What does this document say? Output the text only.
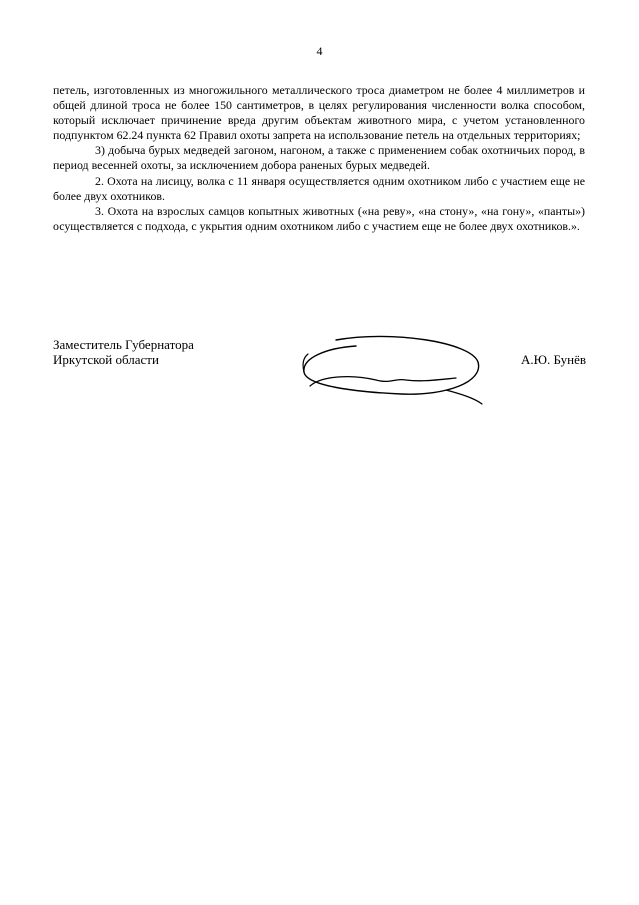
4

петель, изготовленных из многожильного металлического троса диаметром не более 4 миллиметров и общей длиной троса не более 150 сантиметров, в целях регулирования численности волка способом, который исключает причинение вреда другим объектам животного мира, с учетом установленного подпунктом 62.24 пункта 62 Правил охоты запрета на использование петель на отдельных территориях;

3) добыча бурых медведей загоном, нагоном, а также с применением собак охотничьих пород, в период весенней охоты, за исключением добора раненых бурых медведей.

2. Охота на лисицу, волка с 11 января осуществляется одним охотником либо с участием еще не более двух охотников.

3. Охота на взрослых самцов копытных животных («на реву», «на стону», «на гону», «панты») осуществляется с подхода, с укрытия одним охотником либо с участием еще не более двух охотников.».

Заместитель Губернатора
Иркутской области	А.Ю. Бунёв
